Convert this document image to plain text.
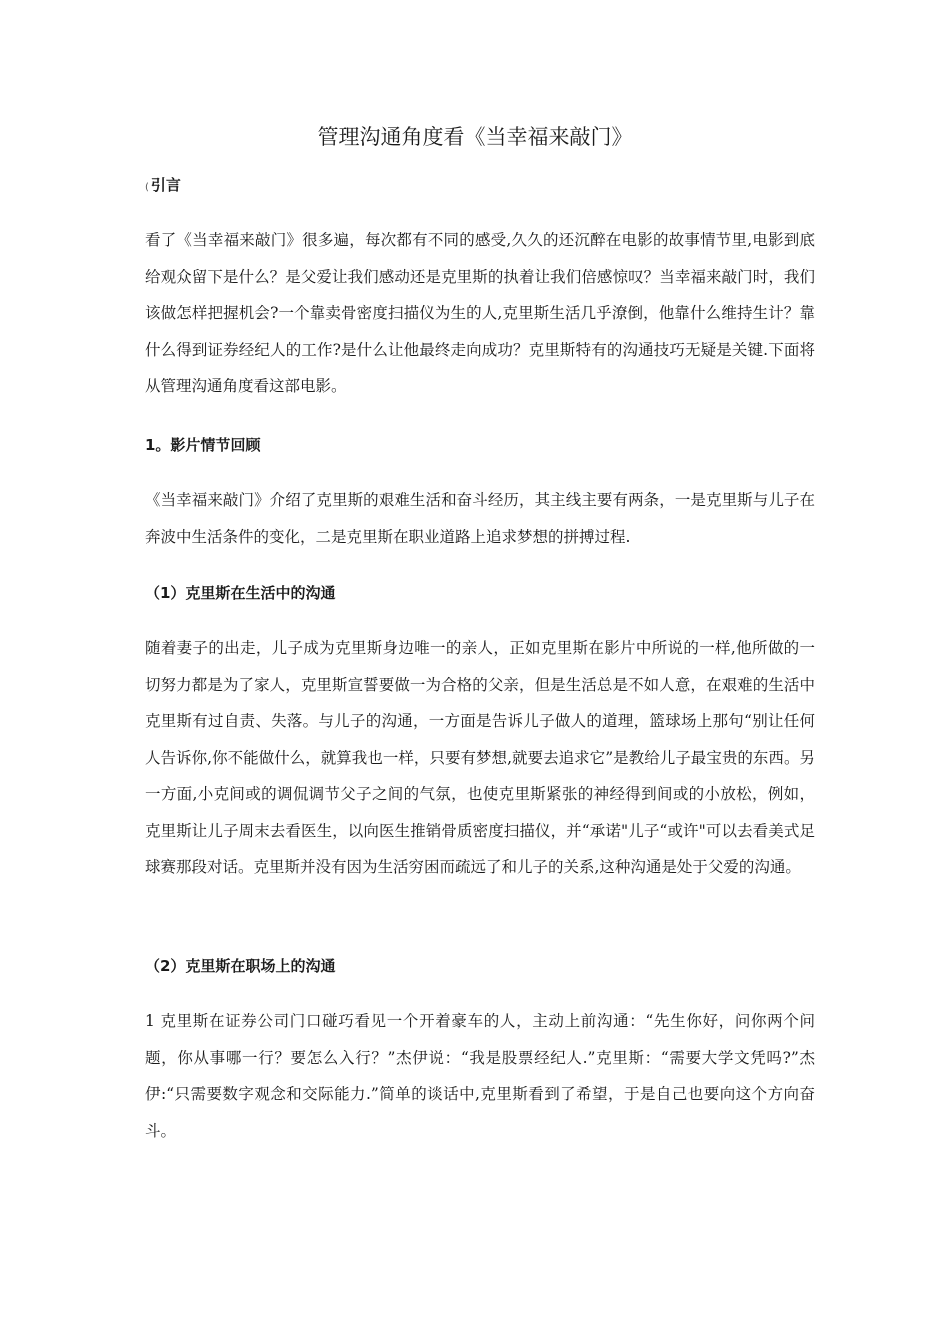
管理沟通角度看《当幸福来敲门》
( 引言

看了《当幸福来敲门》很多遍，每次都有不同的感受,久久的还沉醉在电影的故事情节里,电影到底给观众留下是什么？是父爱让我们感动还是克里斯的执着让我们倍感惊叹？当幸福来敲门时，我们该做怎样把握机会?一个靠卖骨密度扫描仪为生的人,克里斯生活几乎潦倒，他靠什么维持生计？靠什么得到证券经纪人的工作?是什么让他最终走向成功？克里斯特有的沟通技巧无疑是关键.下面将从管理沟通角度看这部电影。

1。影片情节回顾

《当幸福来敲门》介绍了克里斯的艰难生活和奋斗经历，其主线主要有两条，一是克里斯与儿子在奔波中生活条件的变化，二是克里斯在职业道路上追求梦想的拼搏过程.

（1）克里斯在生活中的沟通

随着妻子的出走，儿子成为克里斯身边唯一的亲人，正如克里斯在影片中所说的一样,他所做的一切努力都是为了家人，克里斯宣誓要做一为合格的父亲，但是生活总是不如人意，在艰难的生活中克里斯有过自责、失落。与儿子的沟通，一方面是告诉儿子做人的道理，篮球场上那句“别让任何人告诉你,你不能做什么，就算我也一样，只要有梦想,就要去追求它”是教给儿子最宝贵的东西。另一方面,小克间或的调侃调节父子之间的气氛，也使克里斯紧张的神经得到间或的小放松，例如，克里斯让儿子周末去看医生，以向医生推销骨质密度扫描仪，并“承诺"儿子“或许"可以去看美式足球赛那段对话。克里斯并没有因为生活穷困而疏远了和儿子的关系,这种沟通是处于父爱的沟通。

（2）克里斯在职场上的沟通

1 克里斯在证券公司门口碰巧看见一个开着豪车的人，主动上前沟通：“先生你好，问你两个问题，你从事哪一行？要怎么入行？”杰伊说：“我是股票经纪人.”克里斯：“需要大学文凭吗?”杰伊:“只需要数字观念和交际能力.”简单的谈话中,克里斯看到了希望，于是自己也要向这个方向奋斗。
